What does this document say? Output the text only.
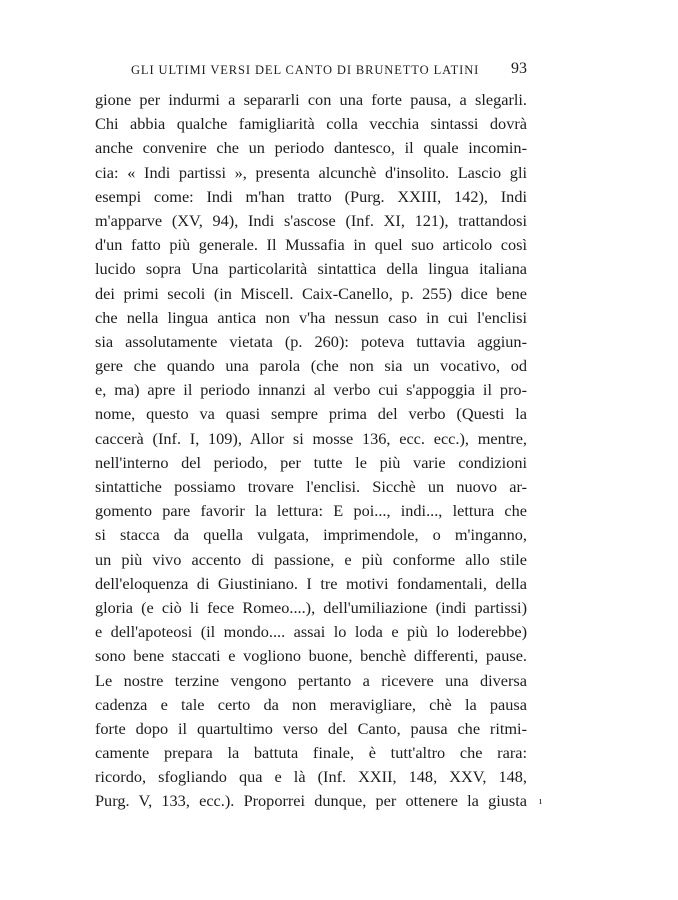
GLI ULTIMI VERSI DEL CANTO DI BRUNETTO LATINI 93
gione per indurmi a separarli con una forte pausa, a slegarli.
Chi abbia qualche famigliarità colla vecchia sintassi dovrà
anche convenire che un periodo dantesco, il quale incomin-
cia: « Indi partissi », presenta alcunchè d'insolito. Lascio gli
esempi come: Indi m'han tratto (Purg. XXIII, 142), Indi
m'apparve (XV, 94), Indi s'ascose (Inf. XI, 121), trattandosi
d'un fatto più generale. Il Mussafia in quel suo articolo così
lucido sopra Una particolarità sintattica della lingua italiana
dei primi secoli (in Miscell. Caix-Canello, p. 255) dice bene
che nella lingua antica non v'ha nessun caso in cui l'enclisi
sia assolutamente vietata (p. 260): poteva tuttavia aggiun-
gere che quando una parola (che non sia un vocativo, od
e, ma) apre il periodo innanzi al verbo cui s'appoggia il pro-
nome, questo va quasi sempre prima del verbo (Questi la
caccerà (Inf. I, 109), Allor si mosse 136, ecc. ecc.), mentre,
nell'interno del periodo, per tutte le più varie condizioni
sintattiche possiamo trovare l'enclisi. Sicchè un nuovo ar-
gomento pare favorir la lettura: E poi..., indi..., lettura che
si stacca da quella vulgata, imprimendole, o m'inganno,
un più vivo accento di passione, e più conforme allo stile
dell'eloquenza di Giustiniano. I tre motivi fondamentali, della
gloria (e ciò li fece Romeo....), dell'umiliazione (indi partissi)
e dell'apoteosi (il mondo.... assai lo loda e più lo loderebbe)
sono bene staccati e vogliono buone, benchè differenti, pause.
Le nostre terzine vengono pertanto a ricevere una diversa
cadenza e tale certo da non meravigliare, chè la pausa
forte dopo il quartultimo verso del Canto, pausa che ritmi-
camente prepara la battuta finale, è tutt'altro che rara:
ricordo, sfogliando qua e là (Inf. XXII, 148, XXV, 148,
Purg. V, 133, ecc.). Proporrei dunque, per ottenere la giusta ı
